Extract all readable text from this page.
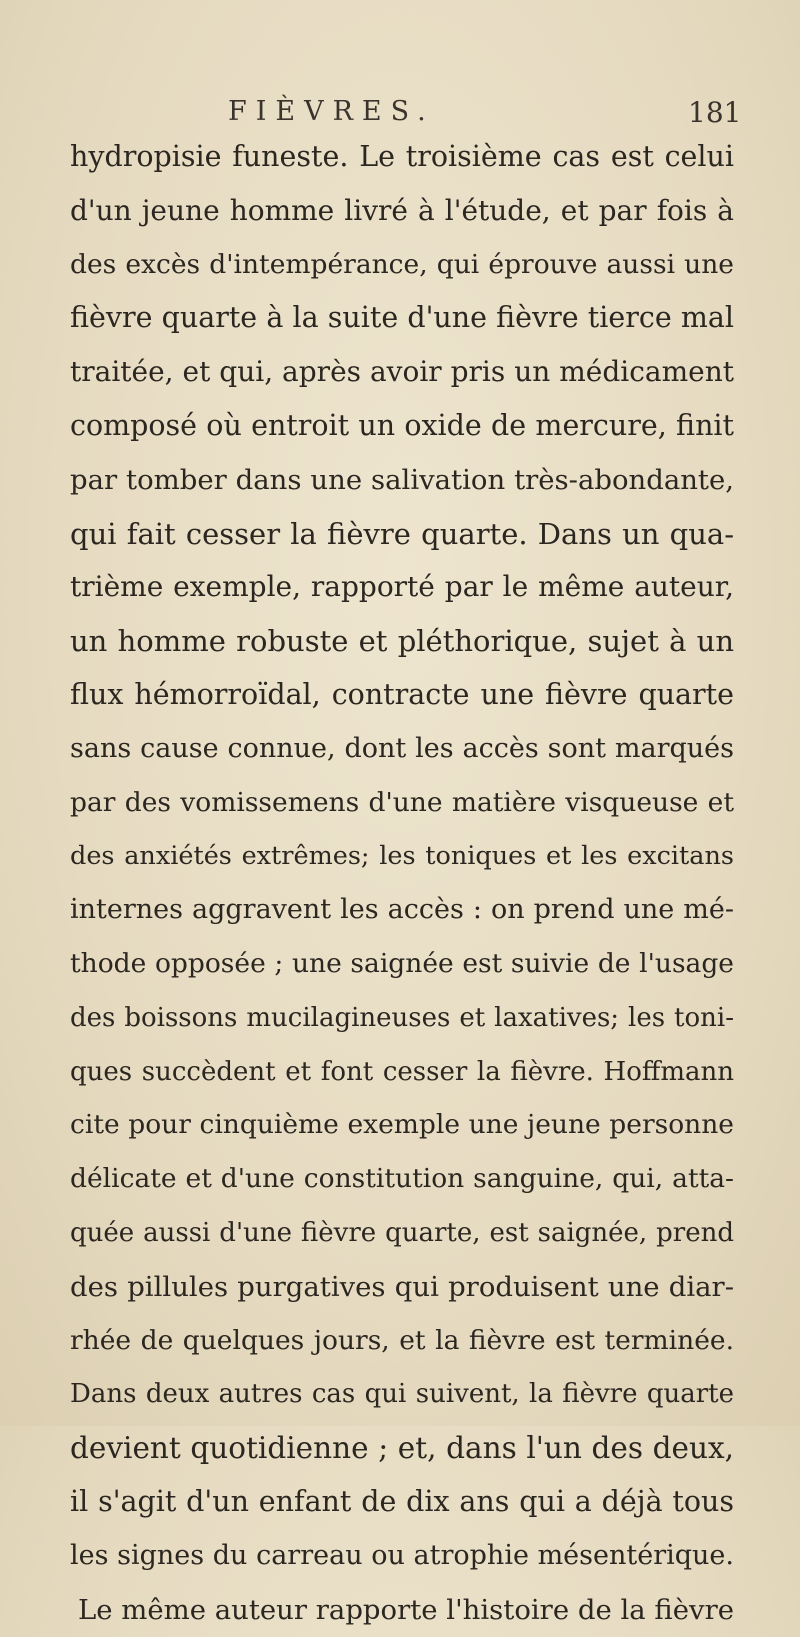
FIÈVRES.	181
hydropisie funeste. Le troisième cas est celui
d'un jeune homme livré à l'étude, et par fois à
des excès d'intempérance, qui éprouve aussi une
fièvre quarte à la suite d'une fièvre tierce mal
traitée, et qui, après avoir pris un médicament
composé où entroit un oxide de mercure, finit
par tomber dans une salivation très-abondante,
qui fait cesser la fièvre quarte. Dans un qua-
trième exemple, rapporté par le même auteur,
un homme robuste et pléthorique, sujet à un
flux hémorroïdal, contracte une fièvre quarte
sans cause connue, dont les accès sont marqués
par des vomissemens d'une matière visqueuse et
des anxiétés extrêmes; les toniques et les excitans
internes aggravent les accès : on prend une mé-
thode opposée ; une saignée est suivie de l'usage
des boissons mucilagineuses et laxatives; les toni-
ques succèdent et font cesser la fièvre. Hoffmann
cite pour cinquième exemple une jeune personne
délicate et d'une constitution sanguine, qui, atta-
quée aussi d'une fièvre quarte, est saignée, prend
des pillules purgatives qui produisent une diar-
rhée de quelques jours, et la fièvre est terminée.
Dans deux autres cas qui suivent, la fièvre quarte
devient quotidienne ; et, dans l'un des deux,
il s'agit d'un enfant de dix ans qui a déjà tous
les signes du carreau ou atrophie mésentérique.
Le même auteur rapporte l'histoire de la fièvre
